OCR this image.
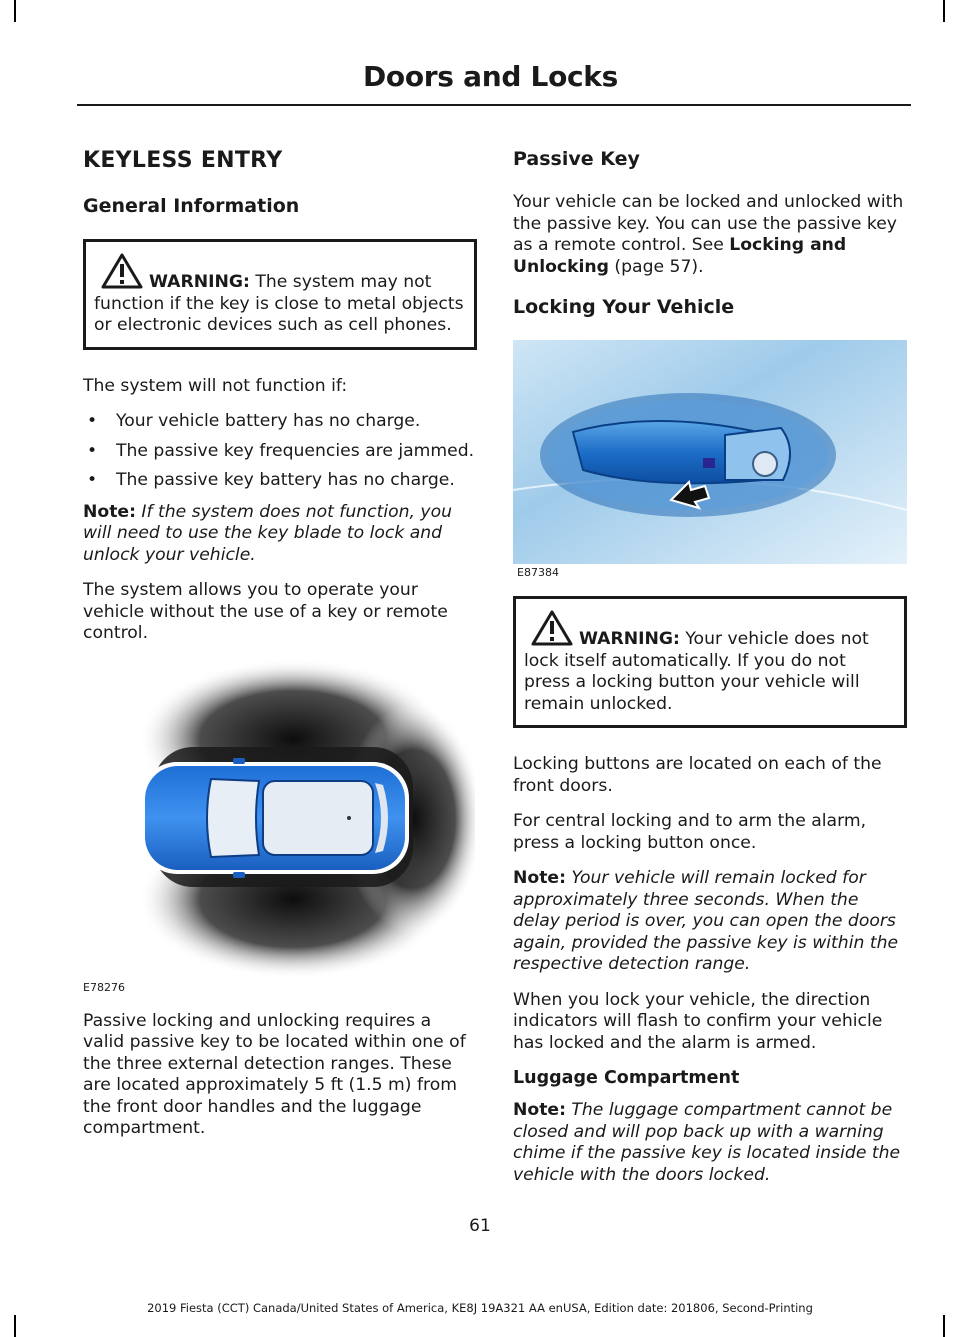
Doors and Locks
KEYLESS ENTRY
General Information

WARNING: The system may not function if the key is close to metal objects or electronic devices such as cell phones.

The system will not function if:

• Your vehicle battery has no charge.
• The passive key frequencies are jammed.
• The passive key battery has no charge.

Note: If the system does not function, you will need to use the key blade to lock and unlock your vehicle.

The system allows you to operate your vehicle without the use of a key or remote control.

E78276

Passive locking and unlocking requires a valid passive key to be located within one of the three external detection ranges. These are located approximately 5 ft (1.5 m) from the front door handles and the luggage compartment.

Passive Key

Your vehicle can be locked and unlocked with the passive key. You can use the passive key as a remote control. See Locking and Unlocking (page 57).

Locking Your Vehicle
E87384

WARNING: Your vehicle does not lock itself automatically. If you do not press a locking button your vehicle will remain unlocked.

Locking buttons are located on each of the front doors.

For central locking and to arm the alarm, press a locking button once.

Note: Your vehicle will remain locked for approximately three seconds. When the delay period is over, you can open the doors again, provided the passive key is within the respective detection range.

When you lock your vehicle, the direction indicators will flash to confirm your vehicle has locked and the alarm is armed.

Luggage Compartment

Note: The luggage compartment cannot be closed and will pop back up with a warning chime if the passive key is located inside the vehicle with the doors locked.

61
2019 Fiesta (CCT) Canada/United States of America, KE8J 19A321 AA enUSA, Edition date: 201806, Second-Printing
